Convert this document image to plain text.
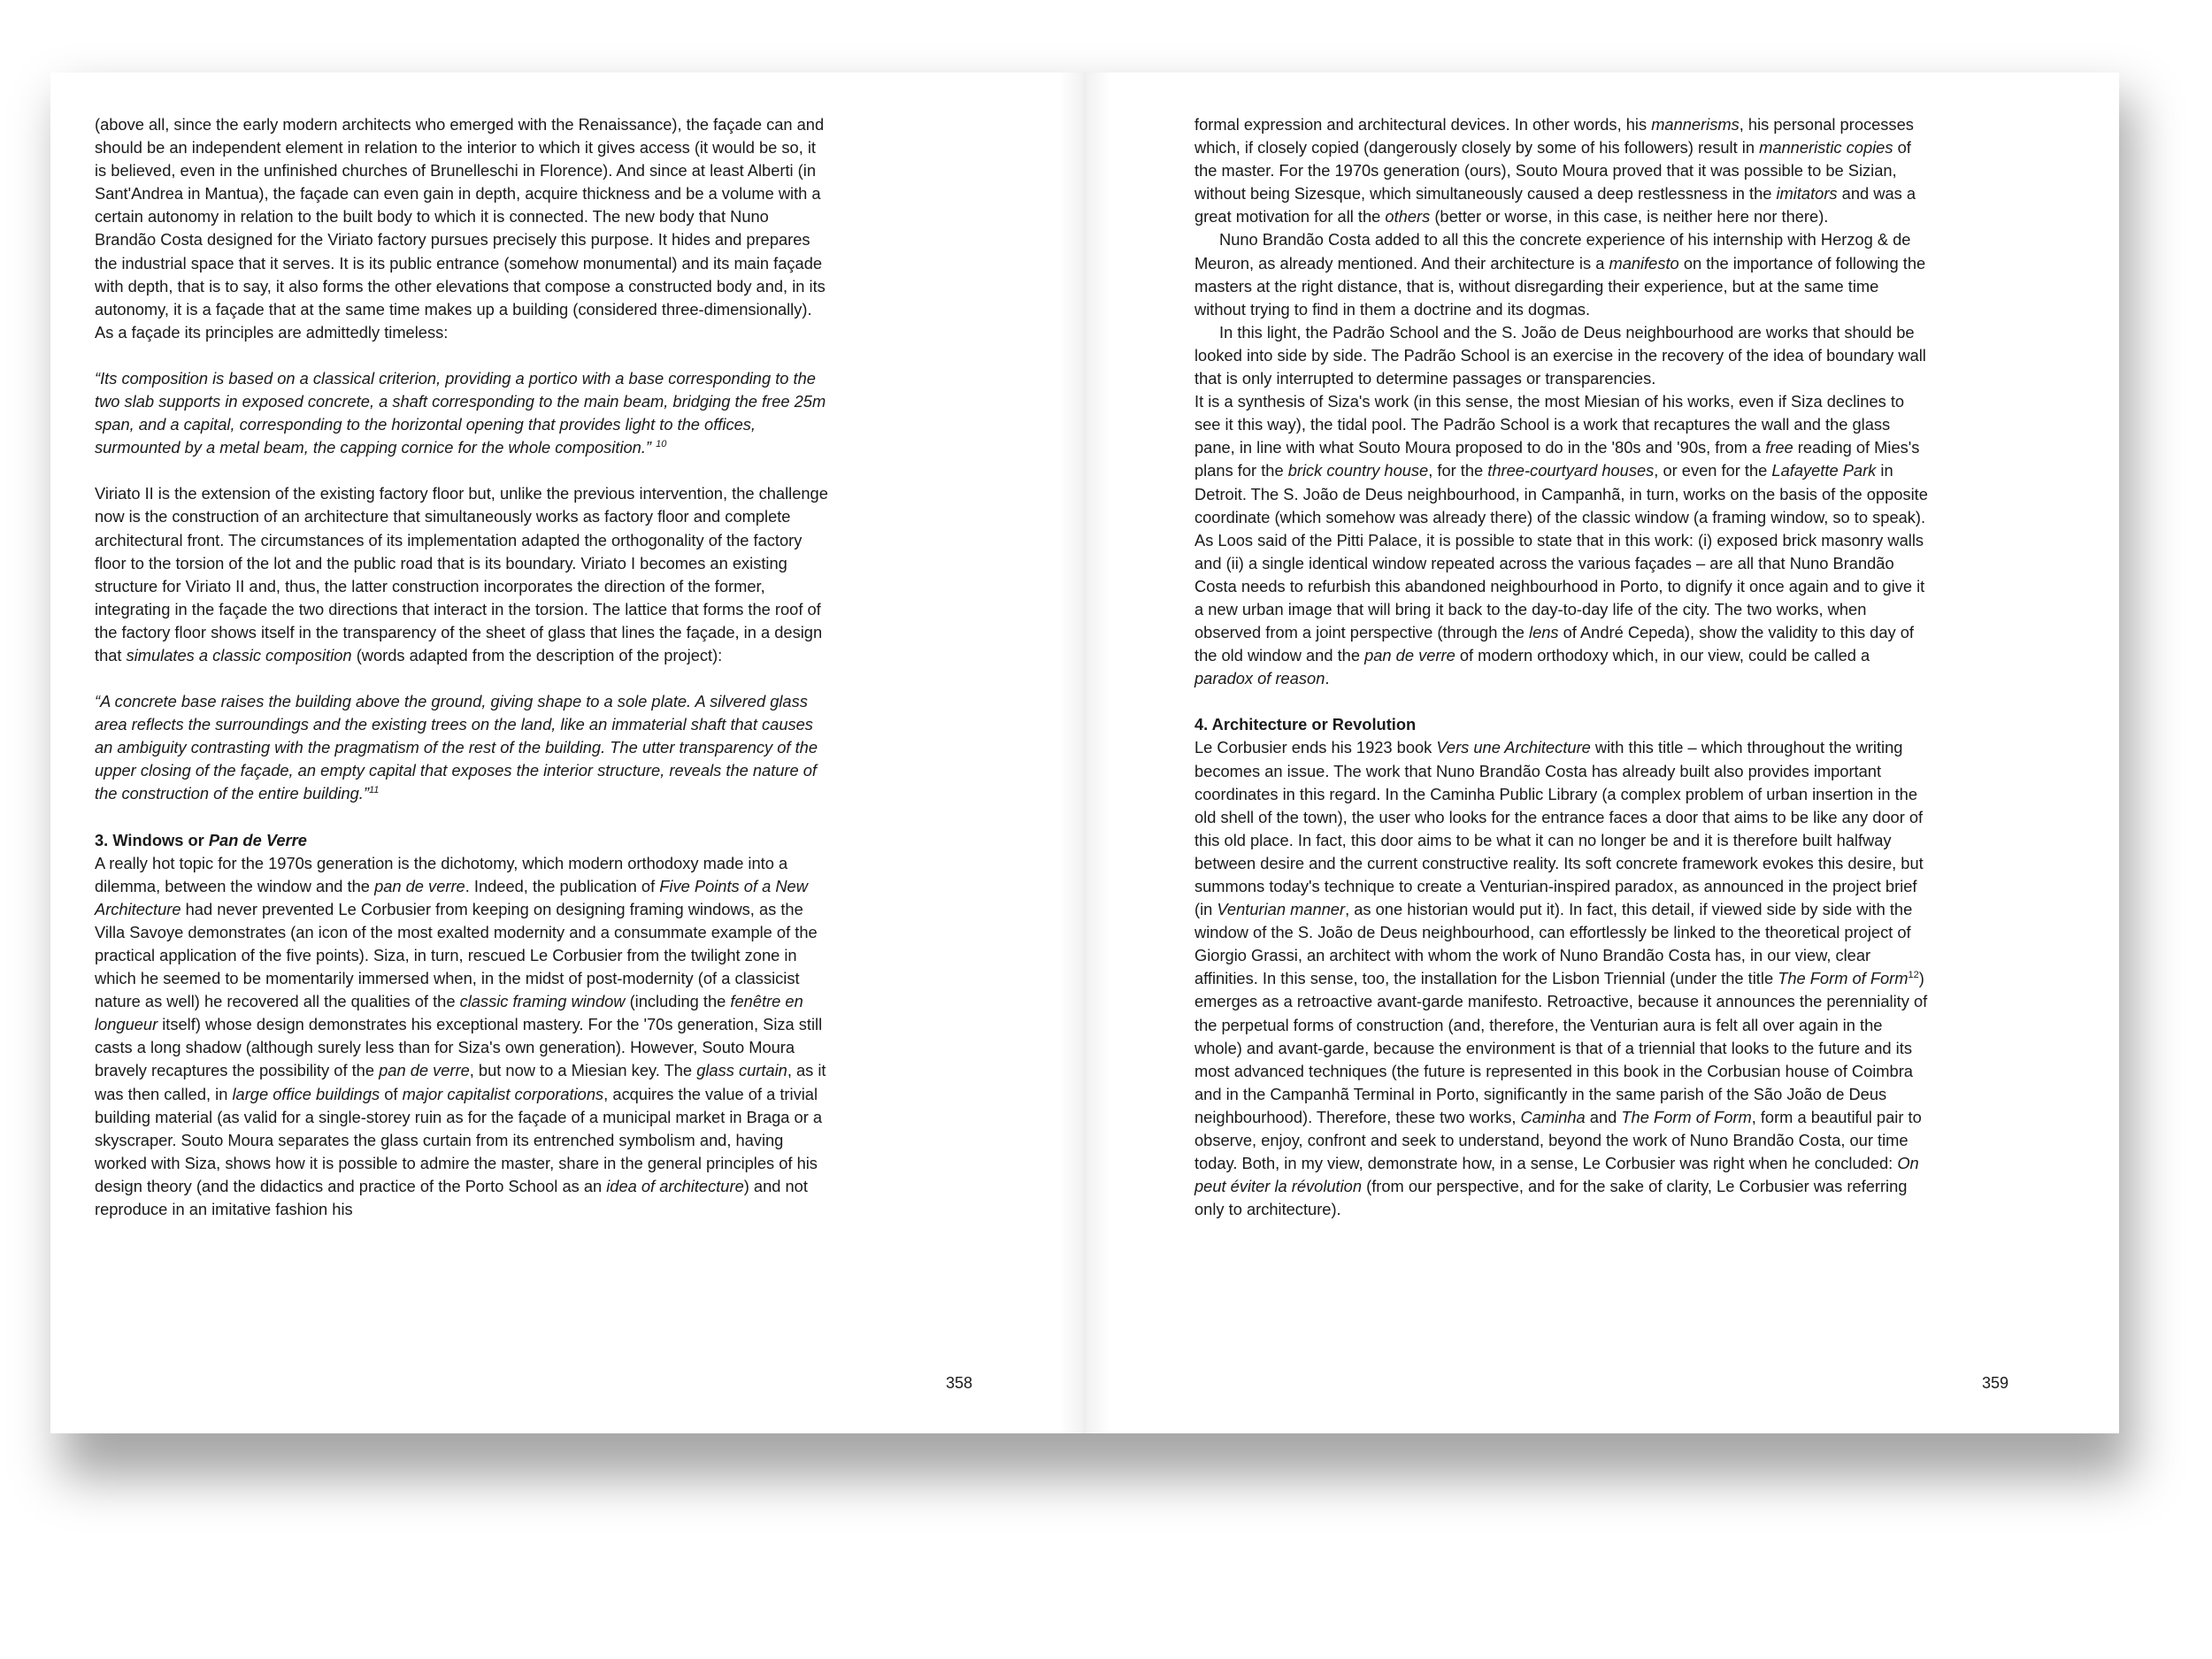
(above all, since the early modern architects who emerged with the Renaissance), the façade can and should be an independent element in relation to the interior to which it gives access (it would be so, it is believed, even in the unfinished churches of Brunelleschi in Florence). And since at least Alberti (in Sant'Andrea in Mantua), the façade can even gain in depth, acquire thickness and be a volume with a certain autonomy in relation to the built body to which it is connected. The new body that Nuno Brandão Costa designed for the Viriato factory pursues precisely this purpose. It hides and prepares the industrial space that it serves. It is its public entrance (somehow monumental) and its main façade with depth, that is to say, it also forms the other elevations that compose a constructed body and, in its autonomy, it is a façade that at the same time makes up a building (considered three-dimensionally). As a façade its principles are admittedly timeless:

“Its composition is based on a classical criterion, providing a portico with a base corresponding to the two slab supports in exposed concrete, a shaft corresponding to the main beam, bridging the free 25m span, and a capital, corresponding to the horizontal opening that provides light to the offices, surmounted by a metal beam, the capping cornice for the whole composition.” $^{10}$

Viriato II is the extension of the existing factory floor but, unlike the previous intervention, the challenge now is the construction of an architecture that simultaneously works as factory floor and complete architectural front. The circumstances of its implementation adapted the orthogonality of the factory floor to the torsion of the lot and the public road that is its boundary. Viriato I becomes an existing structure for Viriato II and, thus, the latter construction incorporates the direction of the former, integrating in the façade the two directions that interact in the torsion. The lattice that forms the roof of the factory floor shows itself in the transparency of the sheet of glass that lines the façade, in a design that simulates a classic composition (words adapted from the description of the project):

“A concrete base raises the building above the ground, giving shape to a sole plate. A silvered glass area reflects the surroundings and the existing trees on the land, like an immaterial shaft that causes an ambiguity contrasting with the pragmatism of the rest of the building. The utter transparency of the upper closing of the façade, an empty capital that exposes the interior structure, reveals the nature of the construction of the entire building.”$^{11}$

3. Windows or Pan de Verre

A really hot topic for the 1970s generation is the dichotomy, which modern orthodoxy made into a dilemma, between the window and the pan de verre. Indeed, the publication of Five Points of a New Architecture had never prevented Le Corbusier from keeping on designing framing windows, as the Villa Savoye demonstrates (an icon of the most exalted modernity and a consummate example of the practical application of the five points). Siza, in turn, rescued Le Corbusier from the twilight zone in which he seemed to be momentarily immersed when, in the midst of post-modernity (of a classicist nature as well) he recovered all the qualities of the classic framing window (including the fenêtre en longueur itself) whose design demonstrates his exceptional mastery. For the '70s generation, Siza still casts a long shadow (although surely less than for Siza's own generation). However, Souto Moura bravely recaptures the possibility of the pan de verre, but now to a Miesian key. The glass curtain, as it was then called, in large office buildings of major capitalist corporations, acquires the value of a trivial building material (as valid for a single-storey ruin as for the façade of a municipal market in Braga or a skyscraper. Souto Moura separates the glass curtain from its entrenched symbolism and, having worked with Siza, shows how it is possible to admire the master, share in the general principles of his design theory (and the didactics and practice of the Porto School as an idea of architecture) and not reproduce in an imitative fashion his

358

formal expression and architectural devices. In other words, his mannerisms, his personal processes which, if closely copied (dangerously closely by some of his followers) result in manneristic copies of the master. For the 1970s generation (ours), Souto Moura proved that it was possible to be Sizian, without being Sizesque, which simultaneously caused a deep restlessness in the imitators and was a great motivation for all the others (better or worse, in this case, is neither here nor there).

Nuno Brandão Costa added to all this the concrete experience of his internship with Herzog & de Meuron, as already mentioned. And their architecture is a manifesto on the importance of following the masters at the right distance, that is, without disregarding their experience, but at the same time without trying to find in them a doctrine and its dogmas.

In this light, the Padrão School and the S. João de Deus neighbourhood are works that should be looked into side by side. The Padrão School is an exercise in the recovery of the idea of boundary wall that is only interrupted to determine passages or transparencies.

It is a synthesis of Siza's work (in this sense, the most Miesian of his works, even if Siza declines to see it this way), the tidal pool. The Padrão School is a work that recaptures the wall and the glass pane, in line with what Souto Moura proposed to do in the '80s and '90s, from a free reading of Mies's plans for the brick country house, for the three-courtyard houses, or even for the Lafayette Park in Detroit. The S. João de Deus neighbourhood, in Campanhã, in turn, works on the basis of the opposite coordinate (which somehow was already there) of the classic window (a framing window, so to speak). As Loos said of the Pitti Palace, it is possible to state that in this work: (i) exposed brick masonry walls and (ii) a single identical window repeated across the various façades – are all that Nuno Brandão Costa needs to refurbish this abandoned neighbourhood in Porto, to dignify it once again and to give it a new urban image that will bring it back to the day-to-day life of the city. The two works, when observed from a joint perspective (through the lens of André Cepeda), show the validity to this day of the old window and the pan de verre of modern orthodoxy which, in our view, could be called a paradox of reason.

4. Architecture or Revolution

Le Corbusier ends his 1923 book Vers une Architecture with this title – which throughout the writing becomes an issue. The work that Nuno Brandão Costa has already built also provides important coordinates in this regard. In the Caminha Public Library (a complex problem of urban insertion in the old shell of the town), the user who looks for the entrance faces a door that aims to be like any door of this old place. In fact, this door aims to be what it can no longer be and it is therefore built halfway between desire and the current constructive reality. Its soft concrete framework evokes this desire, but summons today's technique to create a Venturian-inspired paradox, as announced in the project brief (in Venturian manner, as one historian would put it). In fact, this detail, if viewed side by side with the window of the S. João de Deus neighbourhood, can effortlessly be linked to the theoretical project of Giorgio Grassi, an architect with whom the work of Nuno Brandão Costa has, in our view, clear affinities. In this sense, too, the installation for the Lisbon Triennial (under the title The Form of Form$^{12}$) emerges as a retroactive avant-garde manifesto. Retroactive, because it announces the perenniality of the perpetual forms of construction (and, therefore, the Venturian aura is felt all over again in the whole) and avant-garde, because the environment is that of a triennial that looks to the future and its most advanced techniques (the future is represented in this book in the Corbusian house of Coimbra and in the Campanhã Terminal in Porto, significantly in the same parish of the São João de Deus neighbourhood). Therefore, these two works, Caminha and The Form of Form, form a beautiful pair to observe, enjoy, confront and seek to understand, beyond the work of Nuno Brandão Costa, our time today. Both, in my view, demonstrate how, in a sense, Le Corbusier was right when he concluded: On peut éviter la révolution (from our perspective, and for the sake of clarity, Le Corbusier was referring only to architecture).

359
